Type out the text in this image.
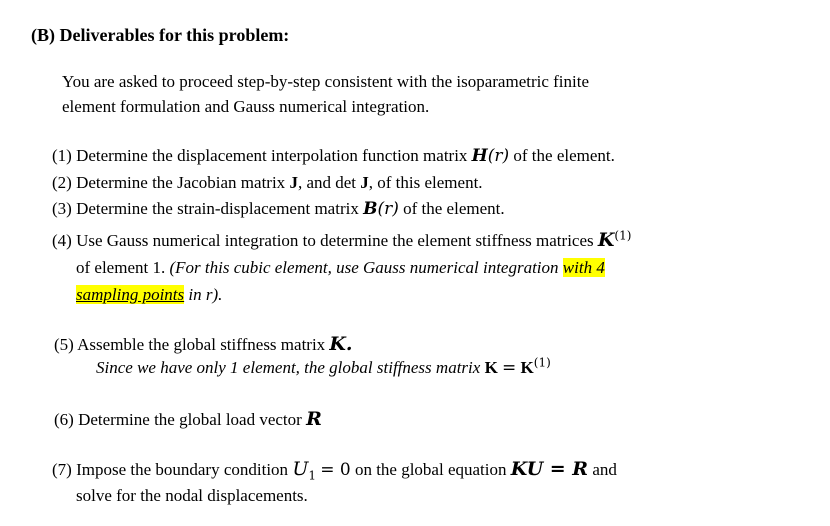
(B) Deliverables for this problem:
You are asked to proceed step-by-step consistent with the isoparametric finite
element formulation and Gauss numerical integration.
(1) Determine the displacement interpolation function matrix H(r) of the element.
(2) Determine the Jacobian matrix J, and det J, of this element.
(3) Determine the strain-displacement matrix B(r) of the element.
(4) Use Gauss numerical integration to determine the element stiffness matrices $K^{(1)}$
of element 1. (For this cubic element, use Gauss numerical integration with 4
sampling points in r).
(5) Assemble the global stiffness matrix K.
Since we have only 1 element, the global stiffness matrix $K = K^{(1)}$
(6) Determine the global load vector R
(7) Impose the boundary condition $U_1 = 0$ on the global equation KU = R and
solve for the nodal displacements.
